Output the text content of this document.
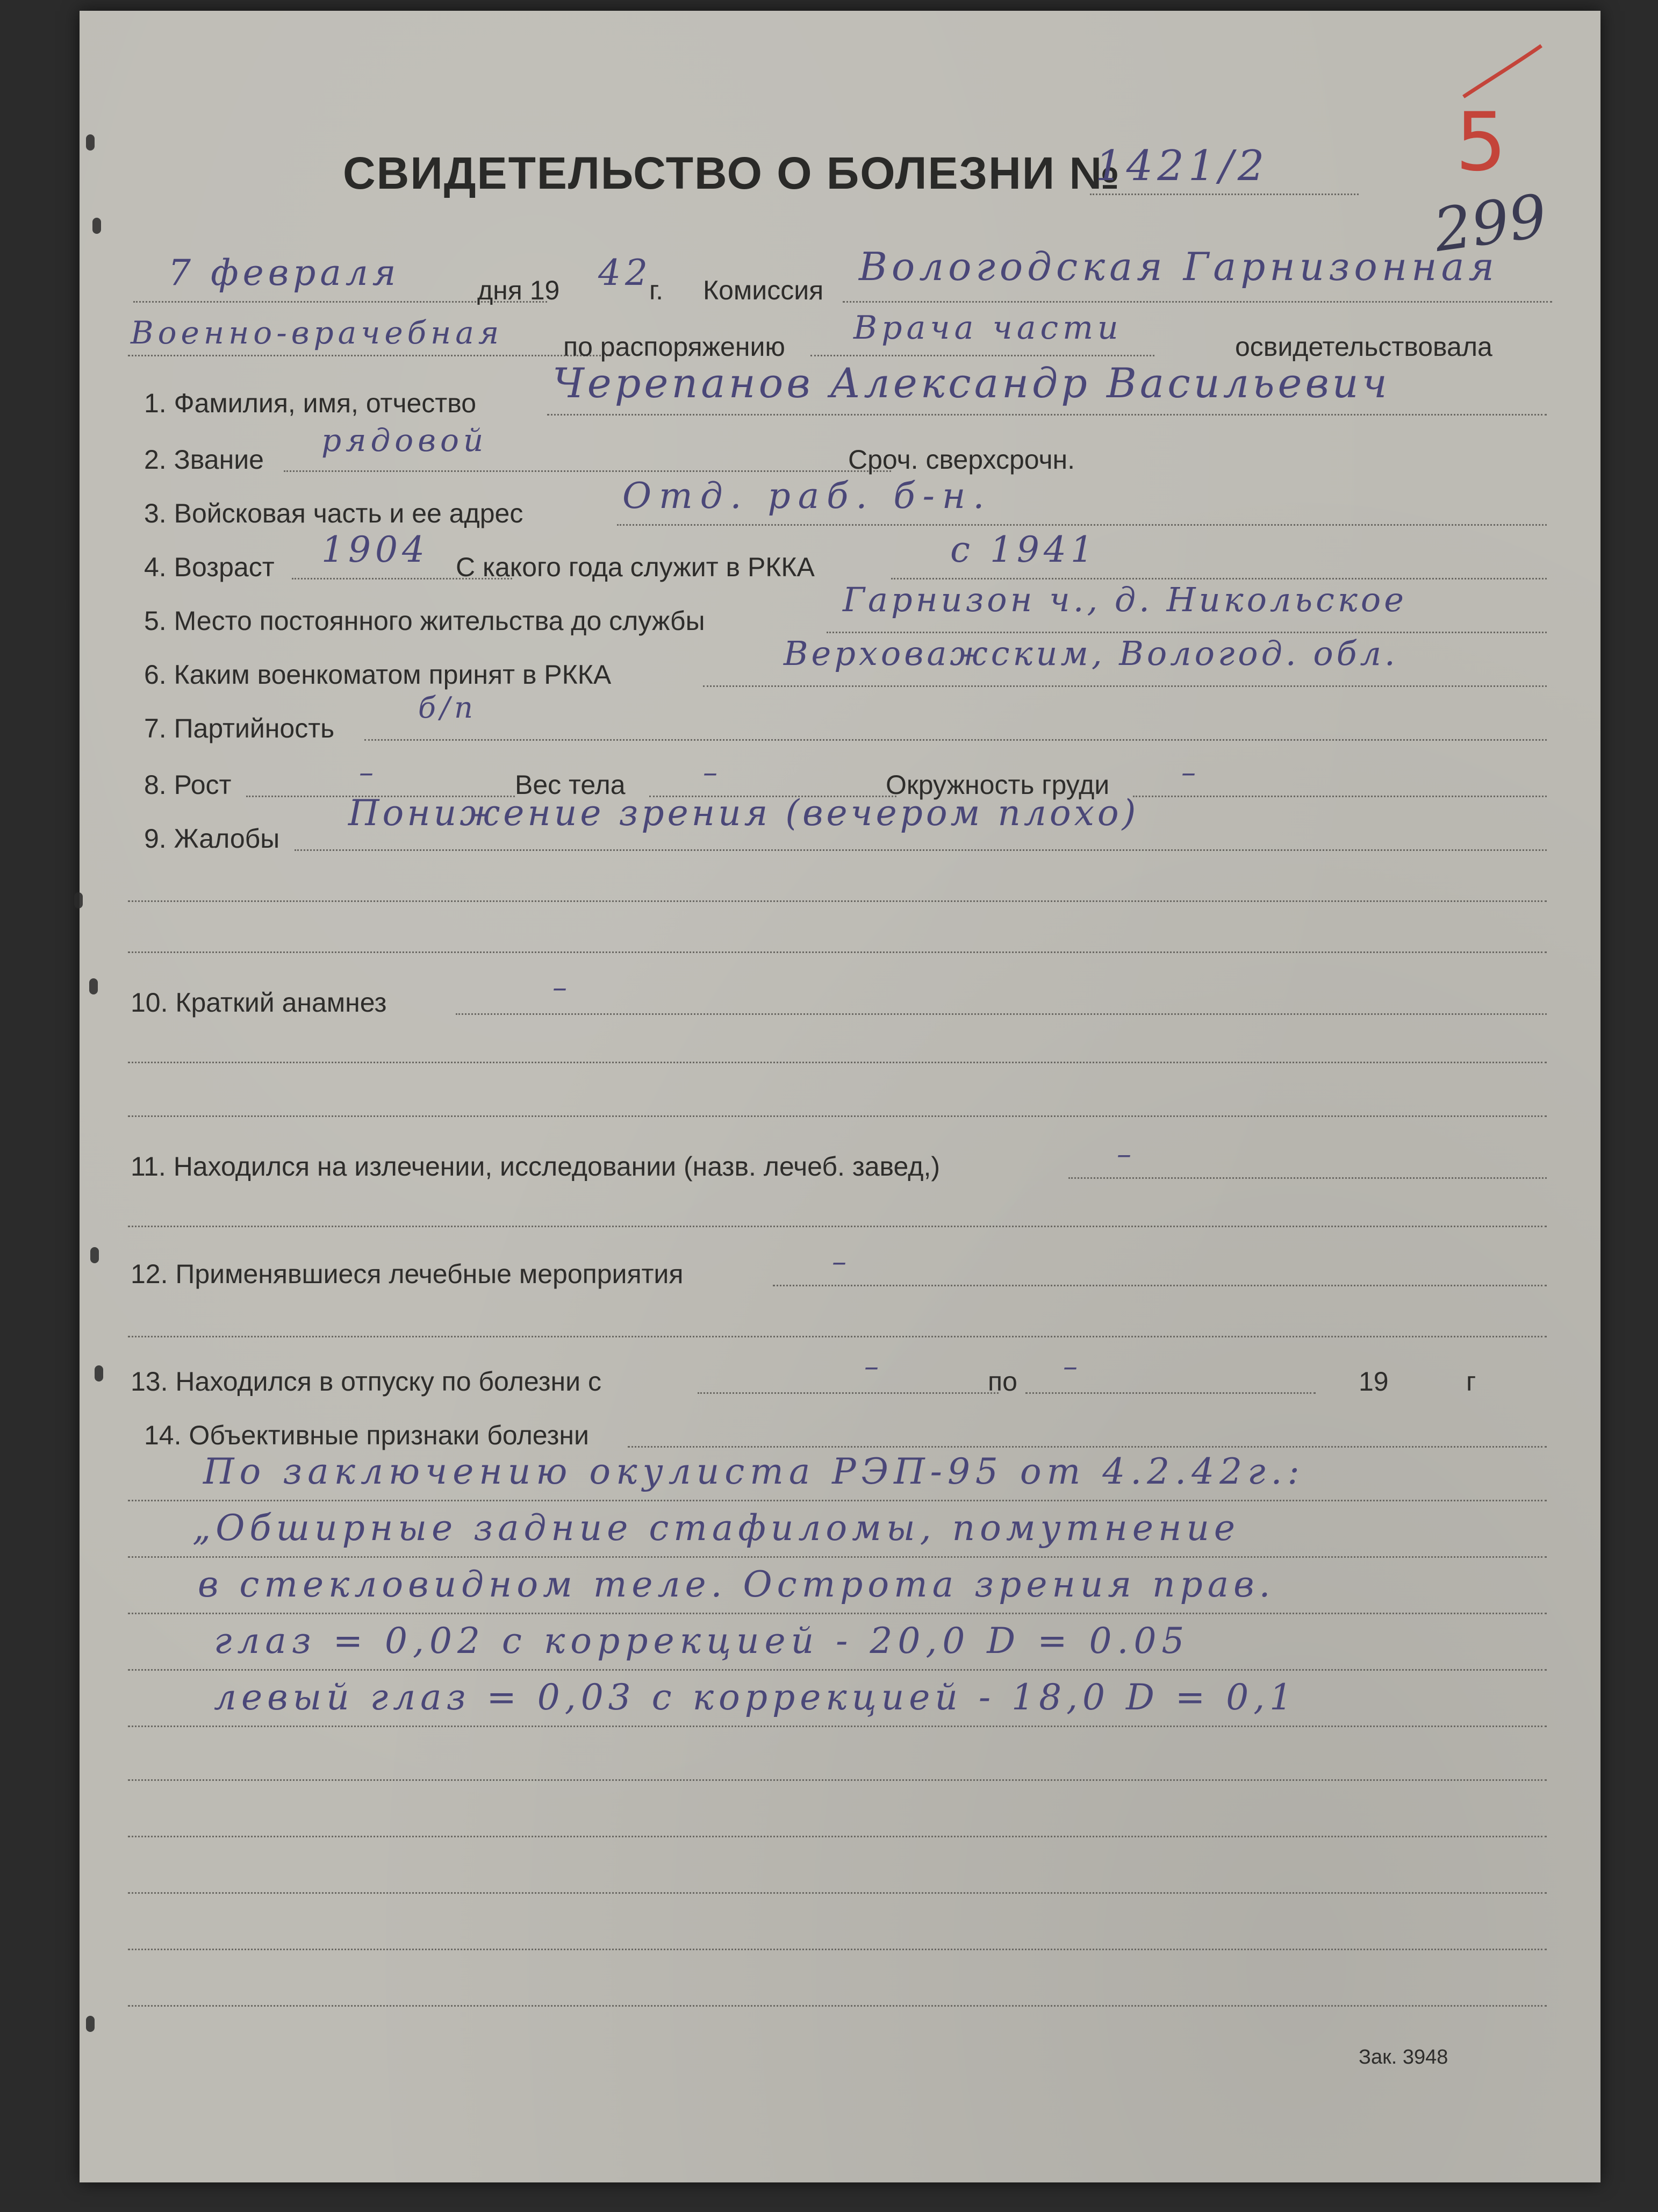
5
299
СВИДЕТЕЛЬСТВО О БОЛЕЗНИ №
1421/2
7 февраля	дня 19 42
г. Комиссия
Вологодская Гарнизонная
Военно-врачебная по распоряжению Врача части	освидетельствовала
1. Фамилия, имя, отчество Черепанов Александр Васильевич
2. Звание
рядовой
Сроч. сверхсрочн.
3. Войсковая часть и ее адрес	Отд. раб. б-н.
4. Возраст 1904 С какого года служит в РККА	с 1941
5. Место постоянного жительства до службы
Гарнизон ч., д. Никольское
6. Каким военкоматом принят в РККА
Верховажским, Вологод. обл.
7. Партийность
б/п
8. Рост	–	Вес тела	–	Окружность груди –
9. Жалобы
Понижение зрения (вечером плохо)
10. Краткий анамнез	–
11. Находился на излечении, исследовании (назв. лечеб. завед,)	–
12. Применявшиеся лечебные мероприятия	–
13. Находился в отпуску по болезни с	–	по –	19	г
14. Объективные признаки болезни
По заключению окулиста РЭП-95 от 4.2.42г.:
„Обширные задние стафиломы, помутнение
в стекловидном теле. Острота зрения прав.
глаз = 0,02 с коррекцией - 20,0 D = 0.05
левый глаз = 0,03 с коррекцией - 18,0 D = 0,1
Зак. 3948
